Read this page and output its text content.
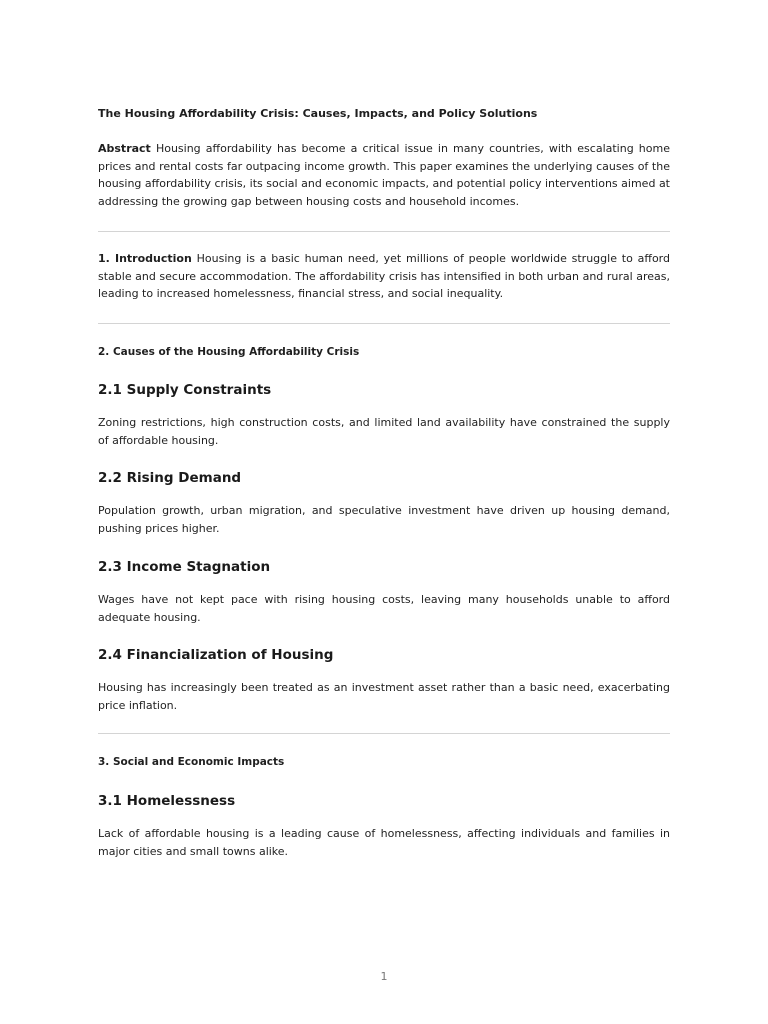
The Housing Affordability Crisis: Causes, Impacts, and Policy Solutions

Abstract Housing affordability has become a critical issue in many countries, with escalating home prices and rental costs far outpacing income growth. This paper examines the underlying causes of the housing affordability crisis, its social and economic impacts, and potential policy interventions aimed at addressing the growing gap between housing costs and household incomes.

1. Introduction Housing is a basic human need, yet millions of people worldwide struggle to afford stable and secure accommodation. The affordability crisis has intensified in both urban and rural areas, leading to increased homelessness, financial stress, and social inequality.

2. Causes of the Housing Affordability Crisis
2.1 Supply Constraints

Zoning restrictions, high construction costs, and limited land availability have constrained the supply of affordable housing.

2.2 Rising Demand

Population growth, urban migration, and speculative investment have driven up housing demand, pushing prices higher.

2.3 Income Stagnation

Wages have not kept pace with rising housing costs, leaving many households unable to afford adequate housing.

2.4 Financialization of Housing

Housing has increasingly been treated as an investment asset rather than a basic need, exacerbating price inflation.

3. Social and Economic Impacts
3.1 Homelessness

Lack of affordable housing is a leading cause of homelessness, affecting individuals and families in major cities and small towns alike.

1
